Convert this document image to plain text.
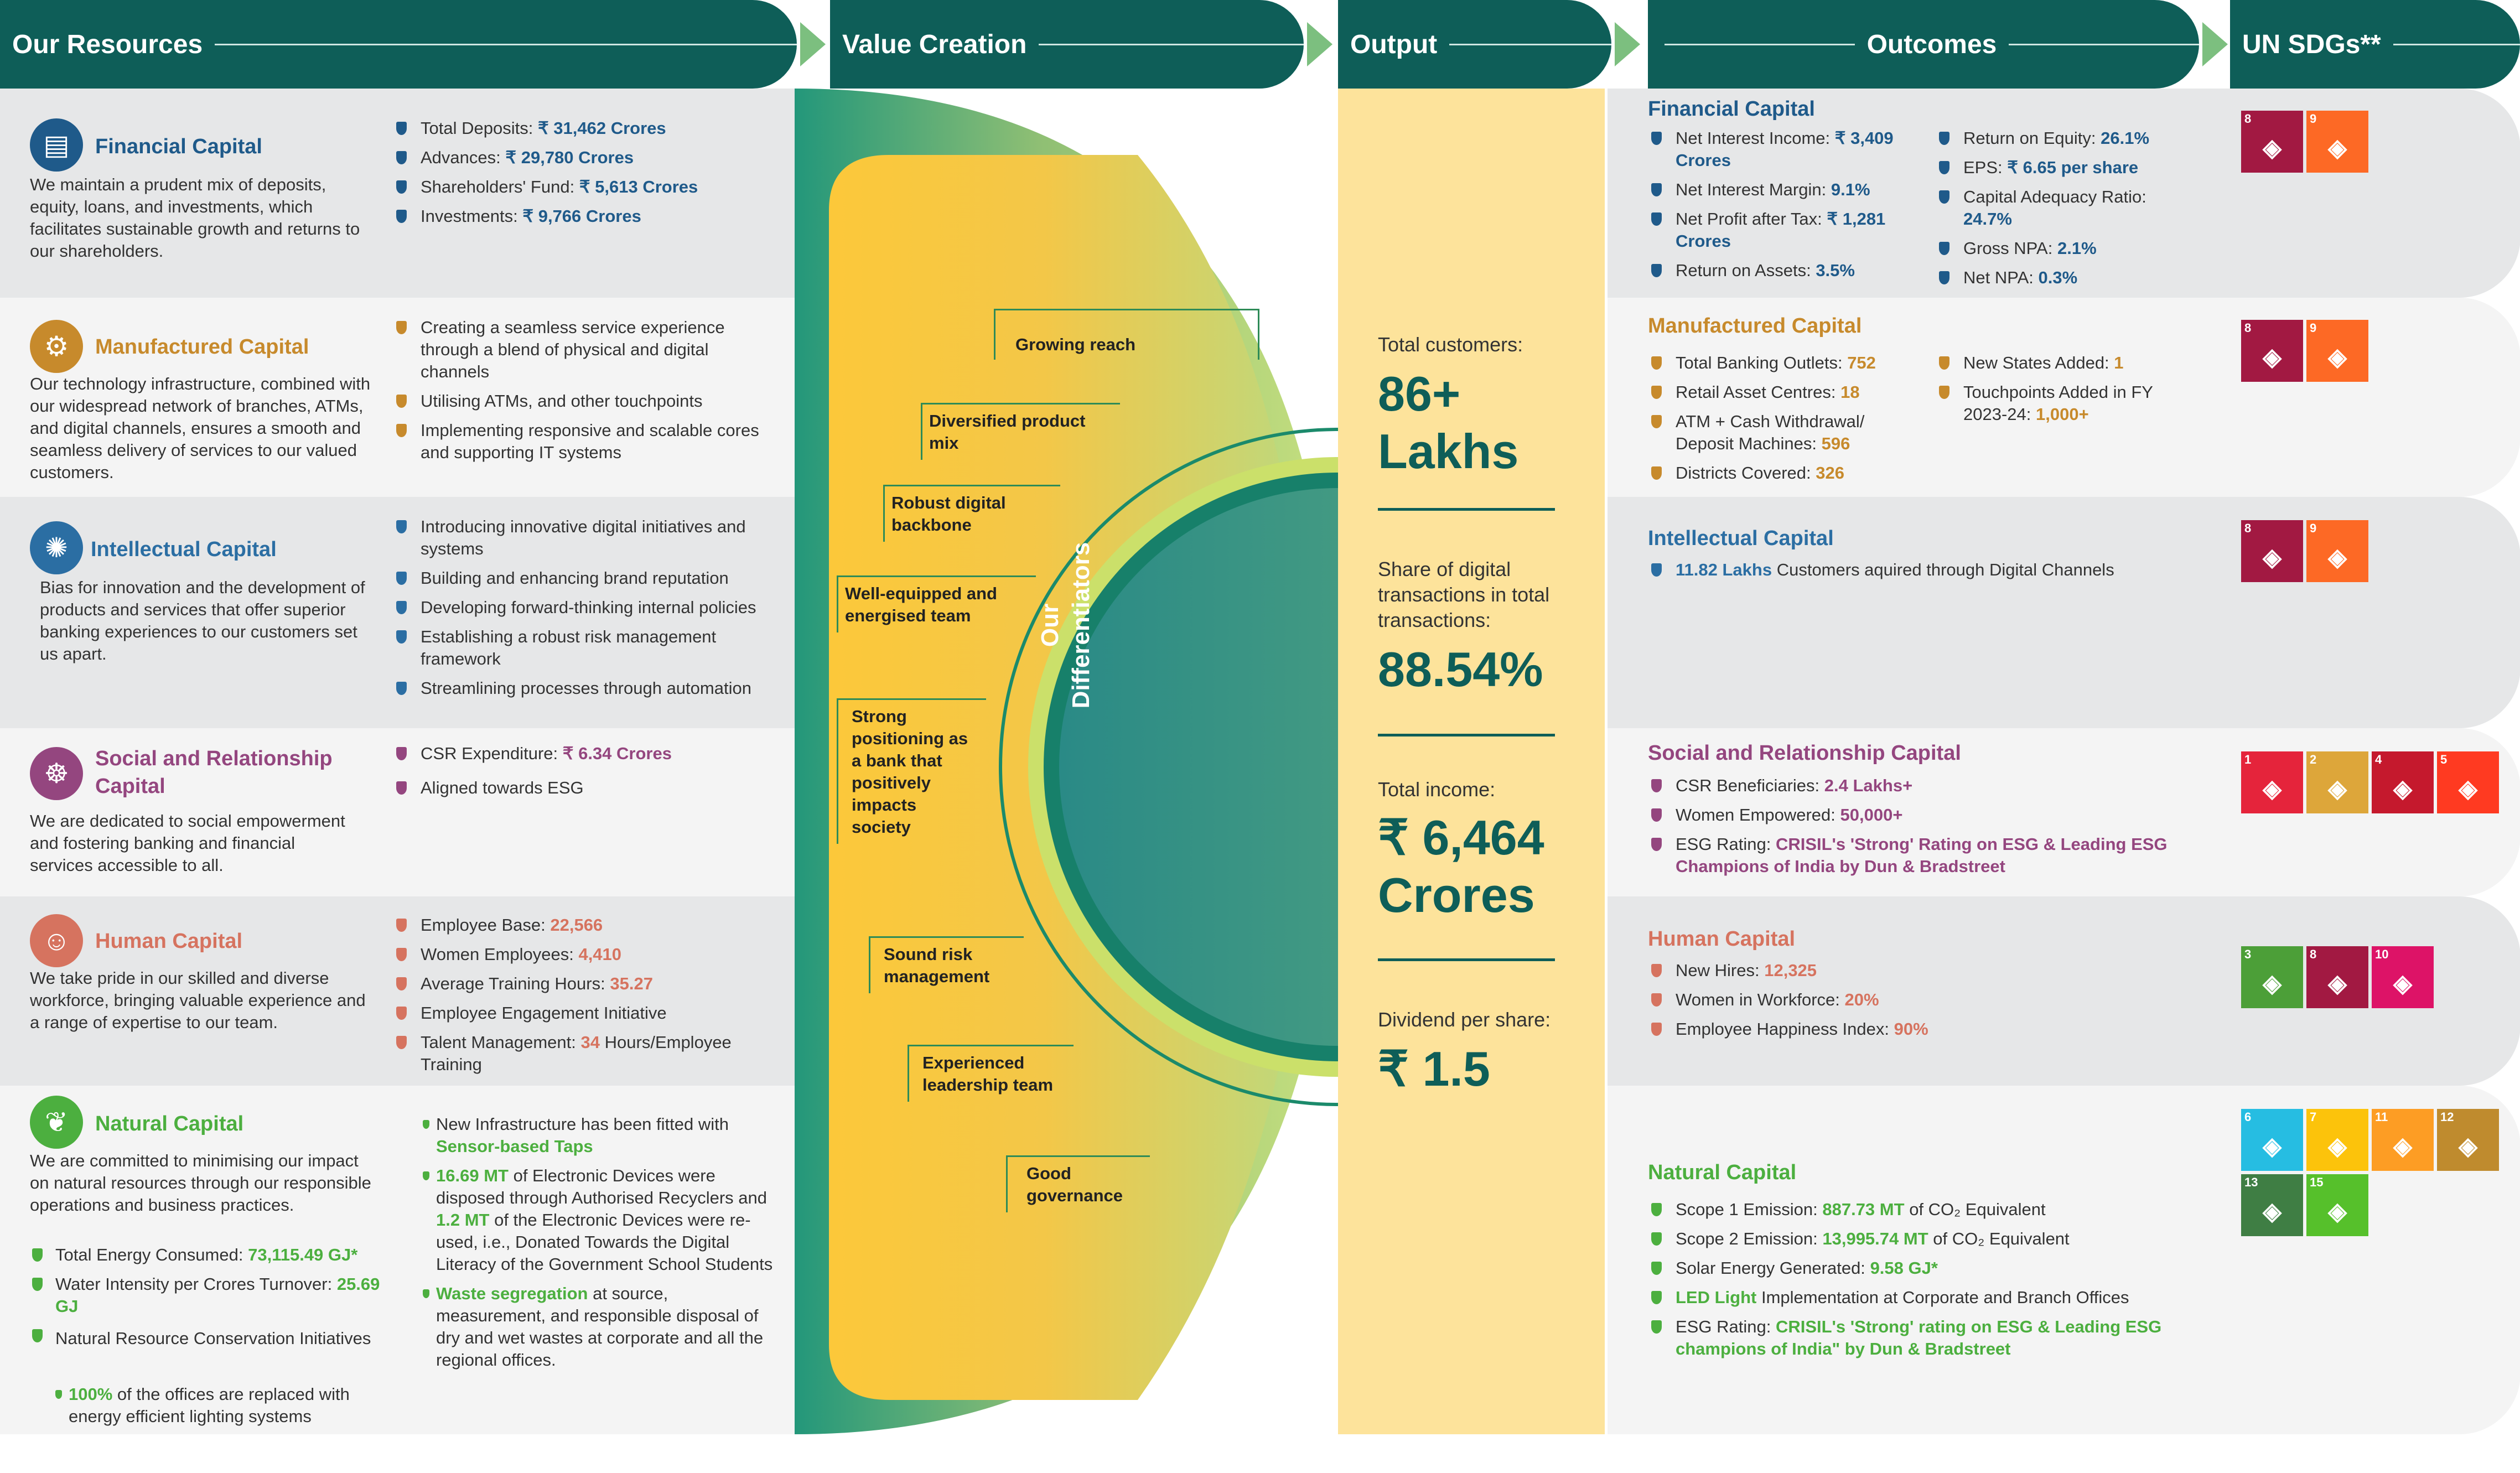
Our Resources	Value Creation	Output	Outcomes	UN SDGs**
▤	Financial Capital
We maintain a prudent mix of deposits, equity, loans, and investments, which facilitates sustainable growth and returns to our shareholders.
Total Deposits: ₹ 31,462 Crores
Advances: ₹ 29,780 Crores
Shareholders' Fund: ₹ 5,613 Crores
Investments: ₹ 9,766 Crores
⚙	Manufactured Capital
Our technology infrastructure, combined with our widespread network of branches, ATMs, and digital channels, ensures a smooth and seamless delivery of services to our valued customers.
Creating a seamless service experience through a blend of physical and digital channels
Utilising ATMs, and other touchpoints
Implementing responsive and scalable cores and supporting IT systems
✺	Intellectual Capital
Bias for innovation and the development of products and services that offer superior banking experiences to our customers set us apart.
Introducing innovative digital initiatives and systems
Building and enhancing brand reputation
Developing forward-thinking internal policies
Establishing a robust risk management framework
Streamlining processes through automation
☸	Social and Relationship Capital
We are dedicated to social empowerment and fostering banking and financial services accessible to all.
CSR Expenditure: ₹ 6.34 Crores
Aligned towards ESG
☺	Human Capital
We take pride in our skilled and diverse workforce, bringing valuable experience and a range of expertise to our team.
Employee Base: 22,566
Women Employees: 4,410
Average Training Hours: 35.27
Employee Engagement Initiative
Talent Management: 34 Hours/Employee Training
❦	Natural Capital
We are committed to minimising our impact on natural resources through our responsible operations and business practices.
Total Energy Consumed: 73,115.49 GJ*
Water Intensity per Crores Turnover: 25.69 GJ
Natural Resource Conservation Initiatives
100% of the offices are replaced with energy efficient lighting systems
New Infrastructure has been fitted with Sensor-based Taps
16.69 MT of Electronic Devices were disposed through Authorised Recyclers and 1.2 MT of the Electronic Devices were re-used, i.e., Donated Towards the Digital Literacy of the Government School Students
Waste segregation at source, measurement, and responsible disposal of dry and wet wastes at corporate and all the regional offices.
Our Differentiators
Growing reach
Diversified product mix
Robust digital backbone
Well-equipped and energised team
Strong positioning as a bank that positively impacts society
Sound risk management
Experienced leadership team
Good governance
Total customers:
86+ Lakhs
Share of digital transactions in total transactions:
88.54%
Total income:
₹ 6,464 Crores
Dividend per share:
₹ 1.5
Financial Capital
Net Interest Income: ₹ 3,409 Crores
Net Interest Margin: 9.1%
Net Profit after Tax: ₹ 1,281 Crores
Return on Assets: 3.5%
Return on Equity: 26.1%
EPS: ₹ 6.65 per share
Capital Adequacy Ratio: 24.7%
Gross NPA: 2.1%
Net NPA: 0.3%
Manufactured Capital
Total Banking Outlets: 752
Retail Asset Centres: 18
ATM + Cash Withdrawal/ Deposit Machines: 596
Districts Covered: 326
New States Added: 1
Touchpoints Added in FY 2023-24: 1,000+
Intellectual Capital
11.82 Lakhs Customers aquired through Digital Channels
Social and Relationship Capital
CSR Beneficiaries: 2.4 Lakhs+
Women Empowered: 50,000+
ESG Rating: CRISIL's 'Strong' Rating on ESG & Leading ESG Champions of India by Dun & Bradstreet
Human Capital
New Hires: 12,325
Women in Workforce: 20%
Employee Happiness Index: 90%
Natural Capital
Scope 1 Emission: 887.73 MT of CO₂ Equivalent
Scope 2 Emission: 13,995.74 MT of CO₂ Equivalent
Solar Energy Generated: 9.58 GJ*
LED Light Implementation at Corporate and Branch Offices
ESG Rating: CRISIL's 'Strong' rating on ESG & Leading ESG champions of India" by Dun & Bradstreet
8
◈
9
◈
8
◈
9
◈
8
◈
9
◈
1
◈
2
◈
4
◈
5
◈
3
◈
8
◈
10
◈
6
◈
7
◈
11
◈
12
◈
13
◈
15
◈
